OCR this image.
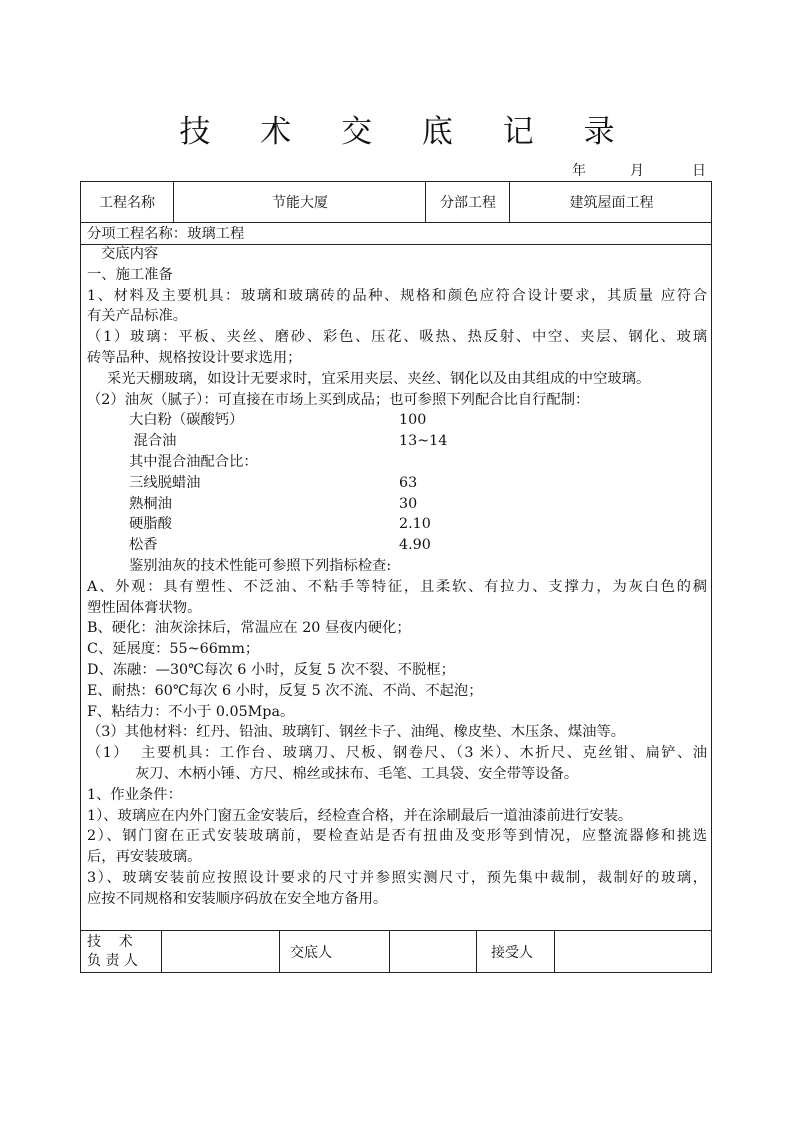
技 术 交 底 记 录
年	月	日
工程名称	节能大厦	分部工程	建筑屋面工程
分项工程名称：玻璃工程
交底内容
一、施工准备
1、材料及主要机具：玻璃和玻璃砖的品种、规格和颜色应符合设计要求，其质量 应符合
有关产品标准。
（1）玻璃：平板、夹丝、磨砂、彩色、压花、吸热、热反射、中空、夹层、钢化、玻璃
砖等品种、规格按设计要求选用；
采光天棚玻璃，如设计无要求时，宜采用夹层、夹丝、钢化以及由其组成的中空玻璃。
（2）油灰（腻子）：可直接在市场上买到成品；也可参照下列配合比自行配制：
大白粉（碳酸钙）	100
混合油	13~14
其中混合油配合比：
三线脱蜡油	63
熟桐油	30
硬脂酸	2.10
松香	4.90
鉴别油灰的技术性能可参照下列指标检查:
A、外观：具有塑性、不泛油、不粘手等特征，且柔软、有拉力、支撑力，为灰白色的稠
塑性固体膏状物。
B、硬化：油灰涂抹后，常温应在 20 昼夜内硬化；
C、延展度：55~66mm；
D、冻融：—30℃每次 6 小时，反复 5 次不裂、不脱框；
E、耐热：60℃每次 6 小时，反复 5 次不流、不尚、不起泡；
F、粘结力：不小于 0.05Mpa。
（3）其他材料：红丹、铅油、玻璃钉、钢丝卡子、油绳、橡皮垫、木压条、煤油等。
（1）  主要机具：工作台、玻璃刀、尺板、钢卷尺、（3 米）、木折尺、克丝钳、扁铲、油
灰刀、木柄小锤、方尺、棉丝或抹布、毛笔、工具袋、安全带等设备。
1、作业条件：
1）、玻璃应在内外门窗五金安装后，经检查合格，并在涂刷最后一道油漆前进行安装。
2）、钢门窗在正式安装玻璃前，要检查站是否有扭曲及变形等到情况，应整流器修和挑选
后，再安装玻璃。
3）、玻璃安装前应按照设计要求的尺寸并参照实测尺寸，预先集中裁制，裁制好的玻璃，
应按不同规格和安装顺序码放在安全地方备用。
技    术
负 责 人	交底人	接受人
